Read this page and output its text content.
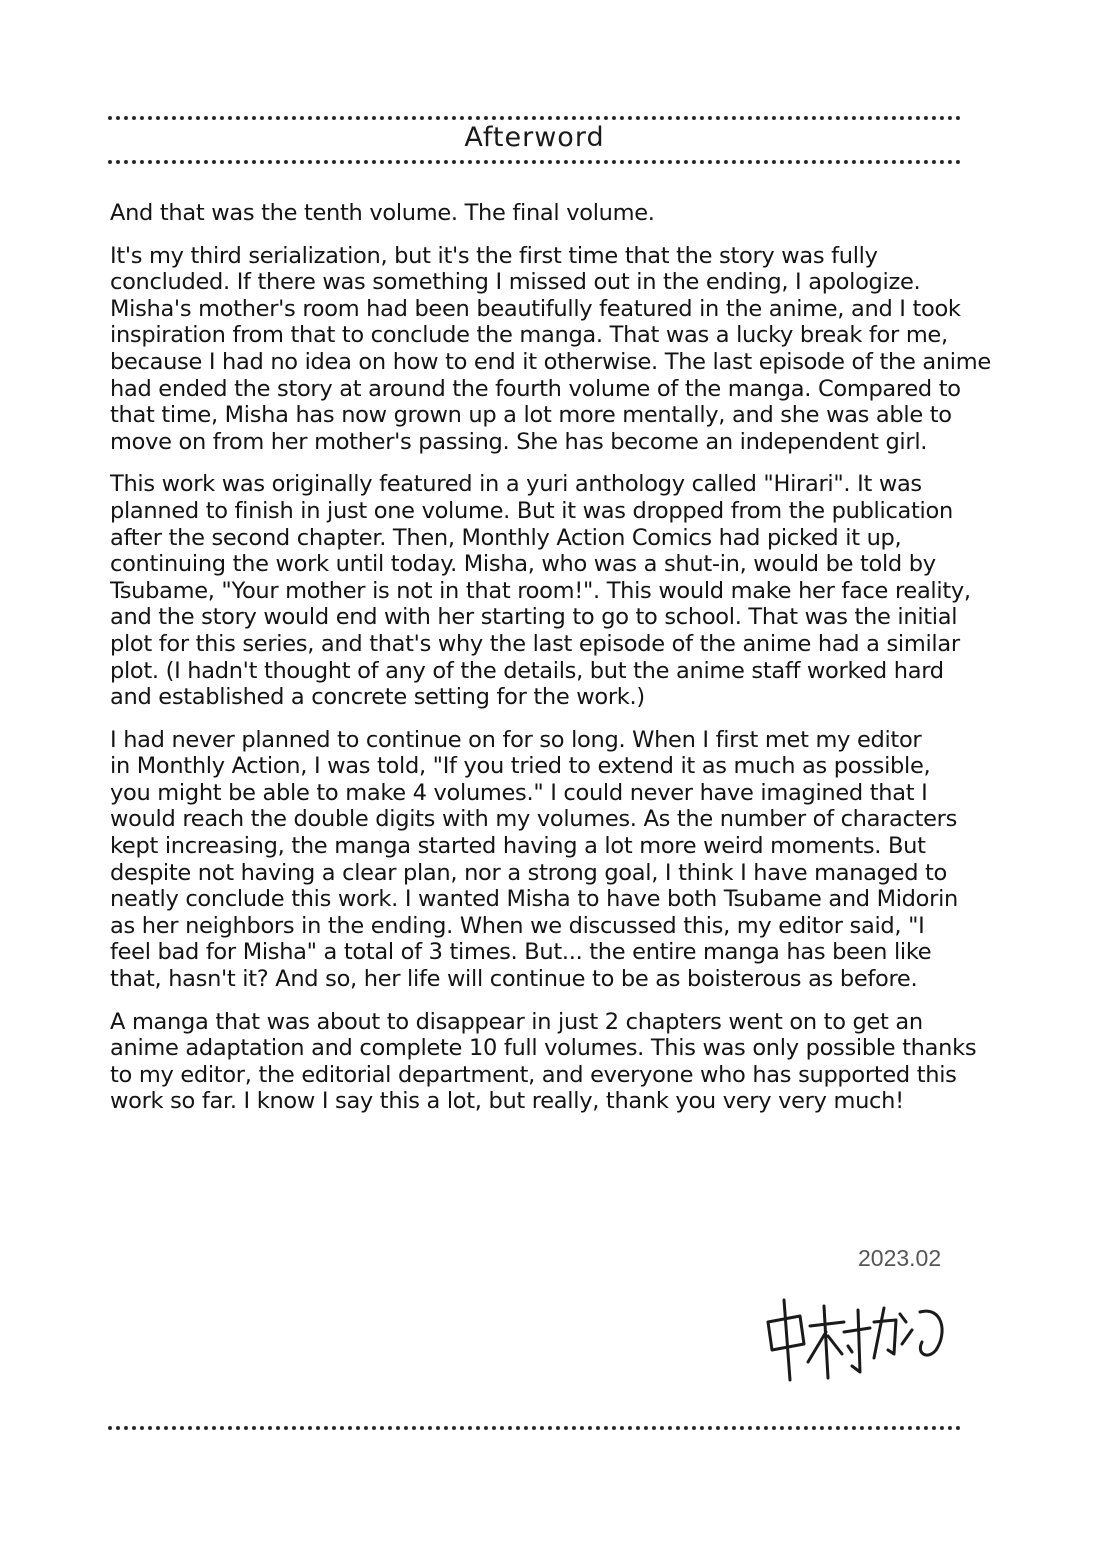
Afterword

And that was the tenth volume. The final volume.

It's my third serialization, but it's the first time that the story was fully
concluded. If there was something I missed out in the ending, I apologize.
Misha's mother's room had been beautifully featured in the anime, and I took
inspiration from that to conclude the manga. That was a lucky break for me,
because I had no idea on how to end it otherwise. The last episode of the anime
had ended the story at around the fourth volume of the manga. Compared to
that time, Misha has now grown up a lot more mentally, and she was able to
move on from her mother's passing. She has become an independent girl.

This work was originally featured in a yuri anthology called "Hirari". It was
planned to finish in just one volume. But it was dropped from the publication
after the second chapter. Then, Monthly Action Comics had picked it up,
continuing the work until today. Misha, who was a shut-in, would be told by
Tsubame, "Your mother is not in that room!". This would make her face reality,
and the story would end with her starting to go to school. That was the initial
plot for this series, and that's why the last episode of the anime had a similar
plot. (I hadn't thought of any of the details, but the anime staff worked hard
and established a concrete setting for the work.)

I had never planned to continue on for so long. When I first met my editor
in Monthly Action, I was told, "If you tried to extend it as much as possible,
you might be able to make 4 volumes." I could never have imagined that I
would reach the double digits with my volumes. As the number of characters
kept increasing, the manga started having a lot more weird moments. But
despite not having a clear plan, nor a strong goal, I think I have managed to
neatly conclude this work. I wanted Misha to have both Tsubame and Midorin
as her neighbors in the ending. When we discussed this, my editor said, "I
feel bad for Misha" a total of 3 times. But... the entire manga has been like
that, hasn't it? And so, her life will continue to be as boisterous as before.

A manga that was about to disappear in just 2 chapters went on to get an
anime adaptation and complete 10 full volumes. This was only possible thanks
to my editor, the editorial department, and everyone who has supported this
work so far. I know I say this a lot, but really, thank you very very much!

2023.02
